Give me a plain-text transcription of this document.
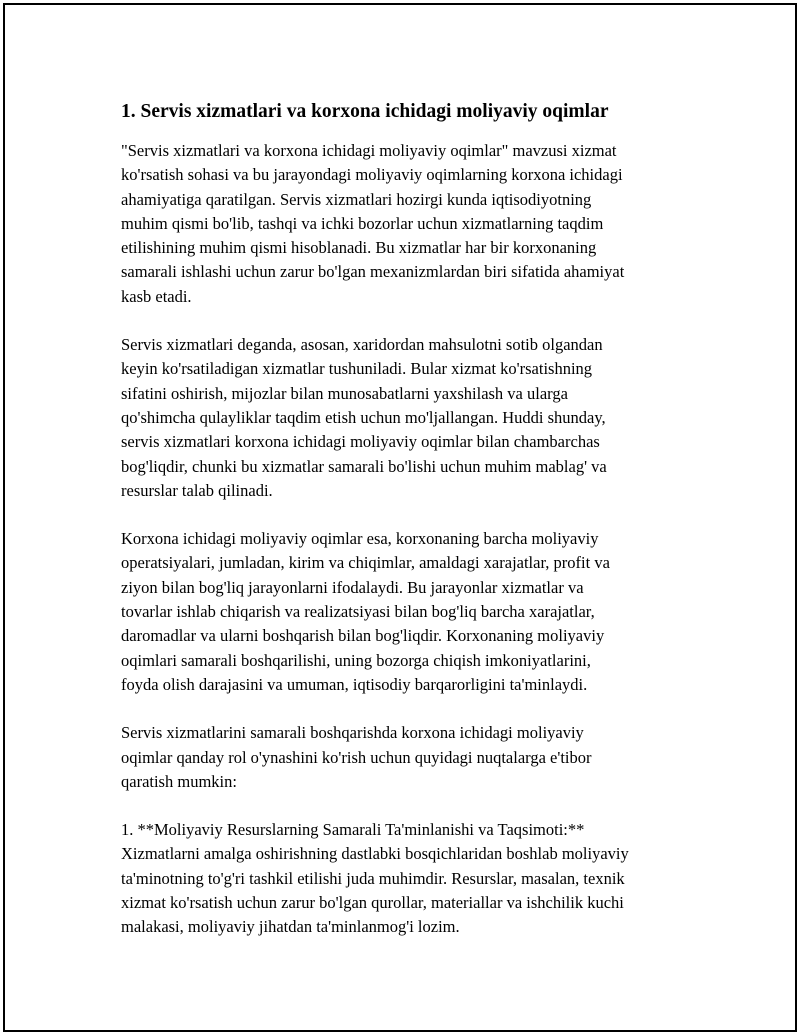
1. Servis xizmatlari va korxona ichidagi moliyaviy oqimlar

"Servis xizmatlari va korxona ichidagi moliyaviy oqimlar" mavzusi xizmat
ko'rsatish sohasi va bu jarayondagi moliyaviy oqimlarning korxona ichidagi
ahamiyatiga qaratilgan. Servis xizmatlari hozirgi kunda iqtisodiyotning
muhim qismi bo'lib, tashqi va ichki bozorlar uchun xizmatlarning taqdim
etilishining muhim qismi hisoblanadi. Bu xizmatlar har bir korxonaning
samarali ishlashi uchun zarur bo'lgan mexanizmlardan biri sifatida ahamiyat
kasb etadi.

Servis xizmatlari deganda, asosan, xaridordan mahsulotni sotib olgandan
keyin ko'rsatiladigan xizmatlar tushuniladi. Bular xizmat ko'rsatishning
sifatini oshirish, mijozlar bilan munosabatlarni yaxshilash va ularga
qo'shimcha qulayliklar taqdim etish uchun mo'ljallangan. Huddi shunday,
servis xizmatlari korxona ichidagi moliyaviy oqimlar bilan chambarchas
bog'liqdir, chunki bu xizmatlar samarali bo'lishi uchun muhim mablag' va
resurslar talab qilinadi.

Korxona ichidagi moliyaviy oqimlar esa, korxonaning barcha moliyaviy
operatsiyalari, jumladan, kirim va chiqimlar, amaldagi xarajatlar, profit va
ziyon bilan bog'liq jarayonlarni ifodalaydi. Bu jarayonlar xizmatlar va
tovarlar ishlab chiqarish va realizatsiyasi bilan bog'liq barcha xarajatlar,
daromadlar va ularni boshqarish bilan bog'liqdir. Korxonaning moliyaviy
oqimlari samarali boshqarilishi, uning bozorga chiqish imkoniyatlarini,
foyda olish darajasini va umuman, iqtisodiy barqarorligini ta'minlaydi.

Servis xizmatlarini samarali boshqarishda korxona ichidagi moliyaviy
oqimlar qanday rol o'ynashini ko'rish uchun quyidagi nuqtalarga e'tibor
qaratish mumkin:

1. **Moliyaviy Resurslarning Samarali Ta'minlanishi va Taqsimoti:**
Xizmatlarni amalga oshirishning dastlabki bosqichlaridan boshlab moliyaviy
ta'minotning to'g'ri tashkil etilishi juda muhimdir. Resurslar, masalan, texnik
xizmat ko'rsatish uchun zarur bo'lgan qurollar, materiallar va ishchilik kuchi
malakasi, moliyaviy jihatdan ta'minlanmog'i lozim.
